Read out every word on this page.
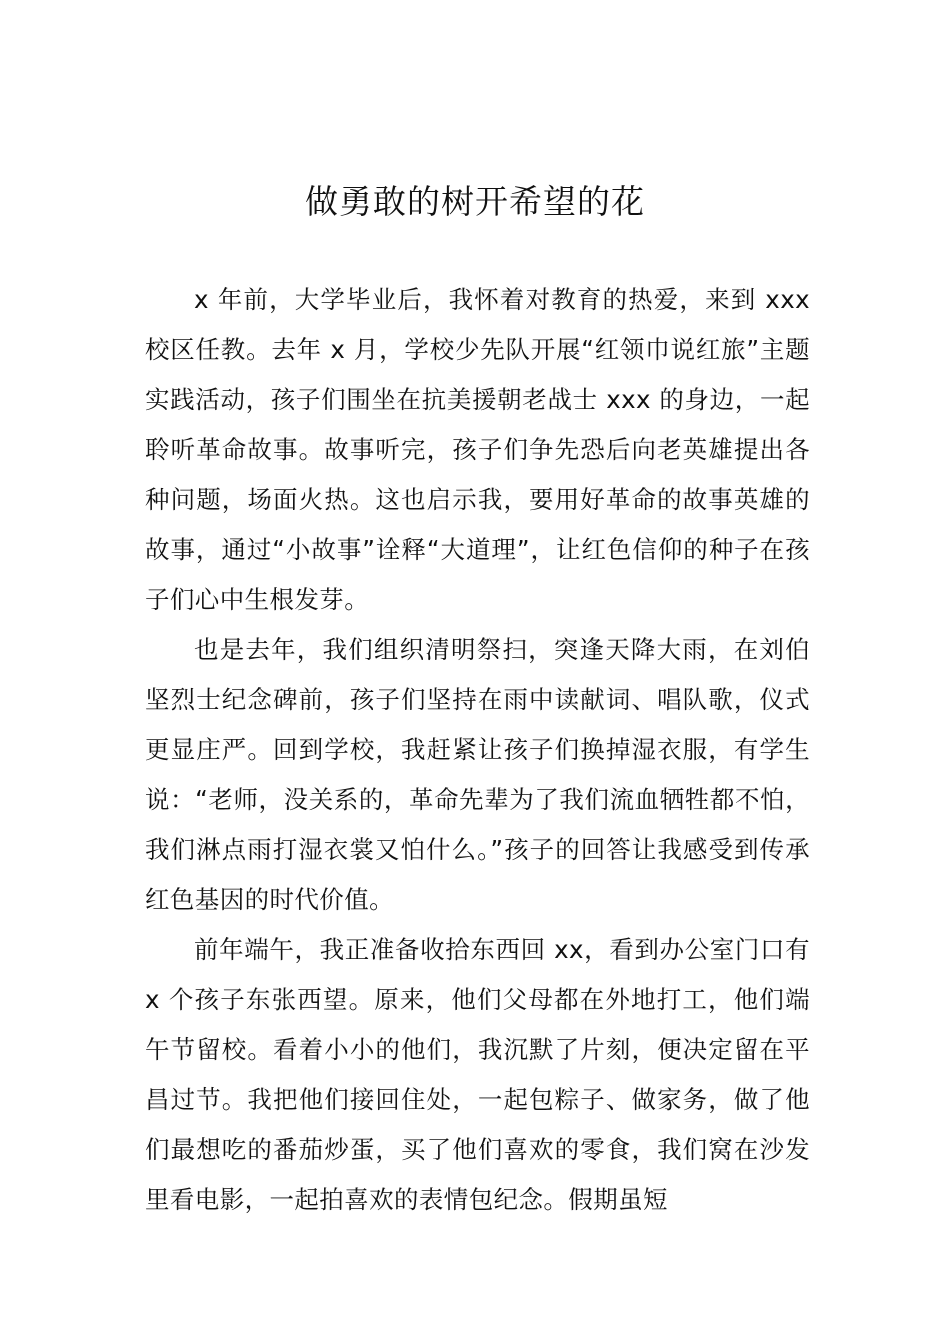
做勇敢的树开希望的花

x 年前，大学毕业后，我怀着对教育的热爱，来到 xxx 校区任教。去年 x 月，学校少先队开展“红领巾说红旅”主题实践活动，孩子们围坐在抗美援朝老战士 xxx 的身边，一起聆听革命故事。故事听完，孩子们争先恐后向老英雄提出各种问题，场面火热。这也启示我，要用好革命的故事英雄的故事，通过“小故事”诠释“大道理”，让红色信仰的种子在孩子们心中生根发芽。

也是去年，我们组织清明祭扫，突逢天降大雨，在刘伯坚烈士纪念碑前，孩子们坚持在雨中读献词、唱队歌，仪式更显庄严。回到学校，我赶紧让孩子们换掉湿衣服，有学生说：“老师，没关系的，革命先辈为了我们流血牺牲都不怕，我们淋点雨打湿衣裳又怕什么。”孩子的回答让我感受到传承红色基因的时代价值。

前年端午，我正准备收拾东西回 xx，看到办公室门口有 x 个孩子东张西望。原来，他们父母都在外地打工，他们端午节留校。看着小小的他们，我沉默了片刻，便决定留在平昌过节。我把他们接回住处，一起包粽子、做家务，做了他们最想吃的番茄炒蛋，买了他们喜欢的零食，我们窝在沙发里看电影，一起拍喜欢的表情包纪念。假期虽短
